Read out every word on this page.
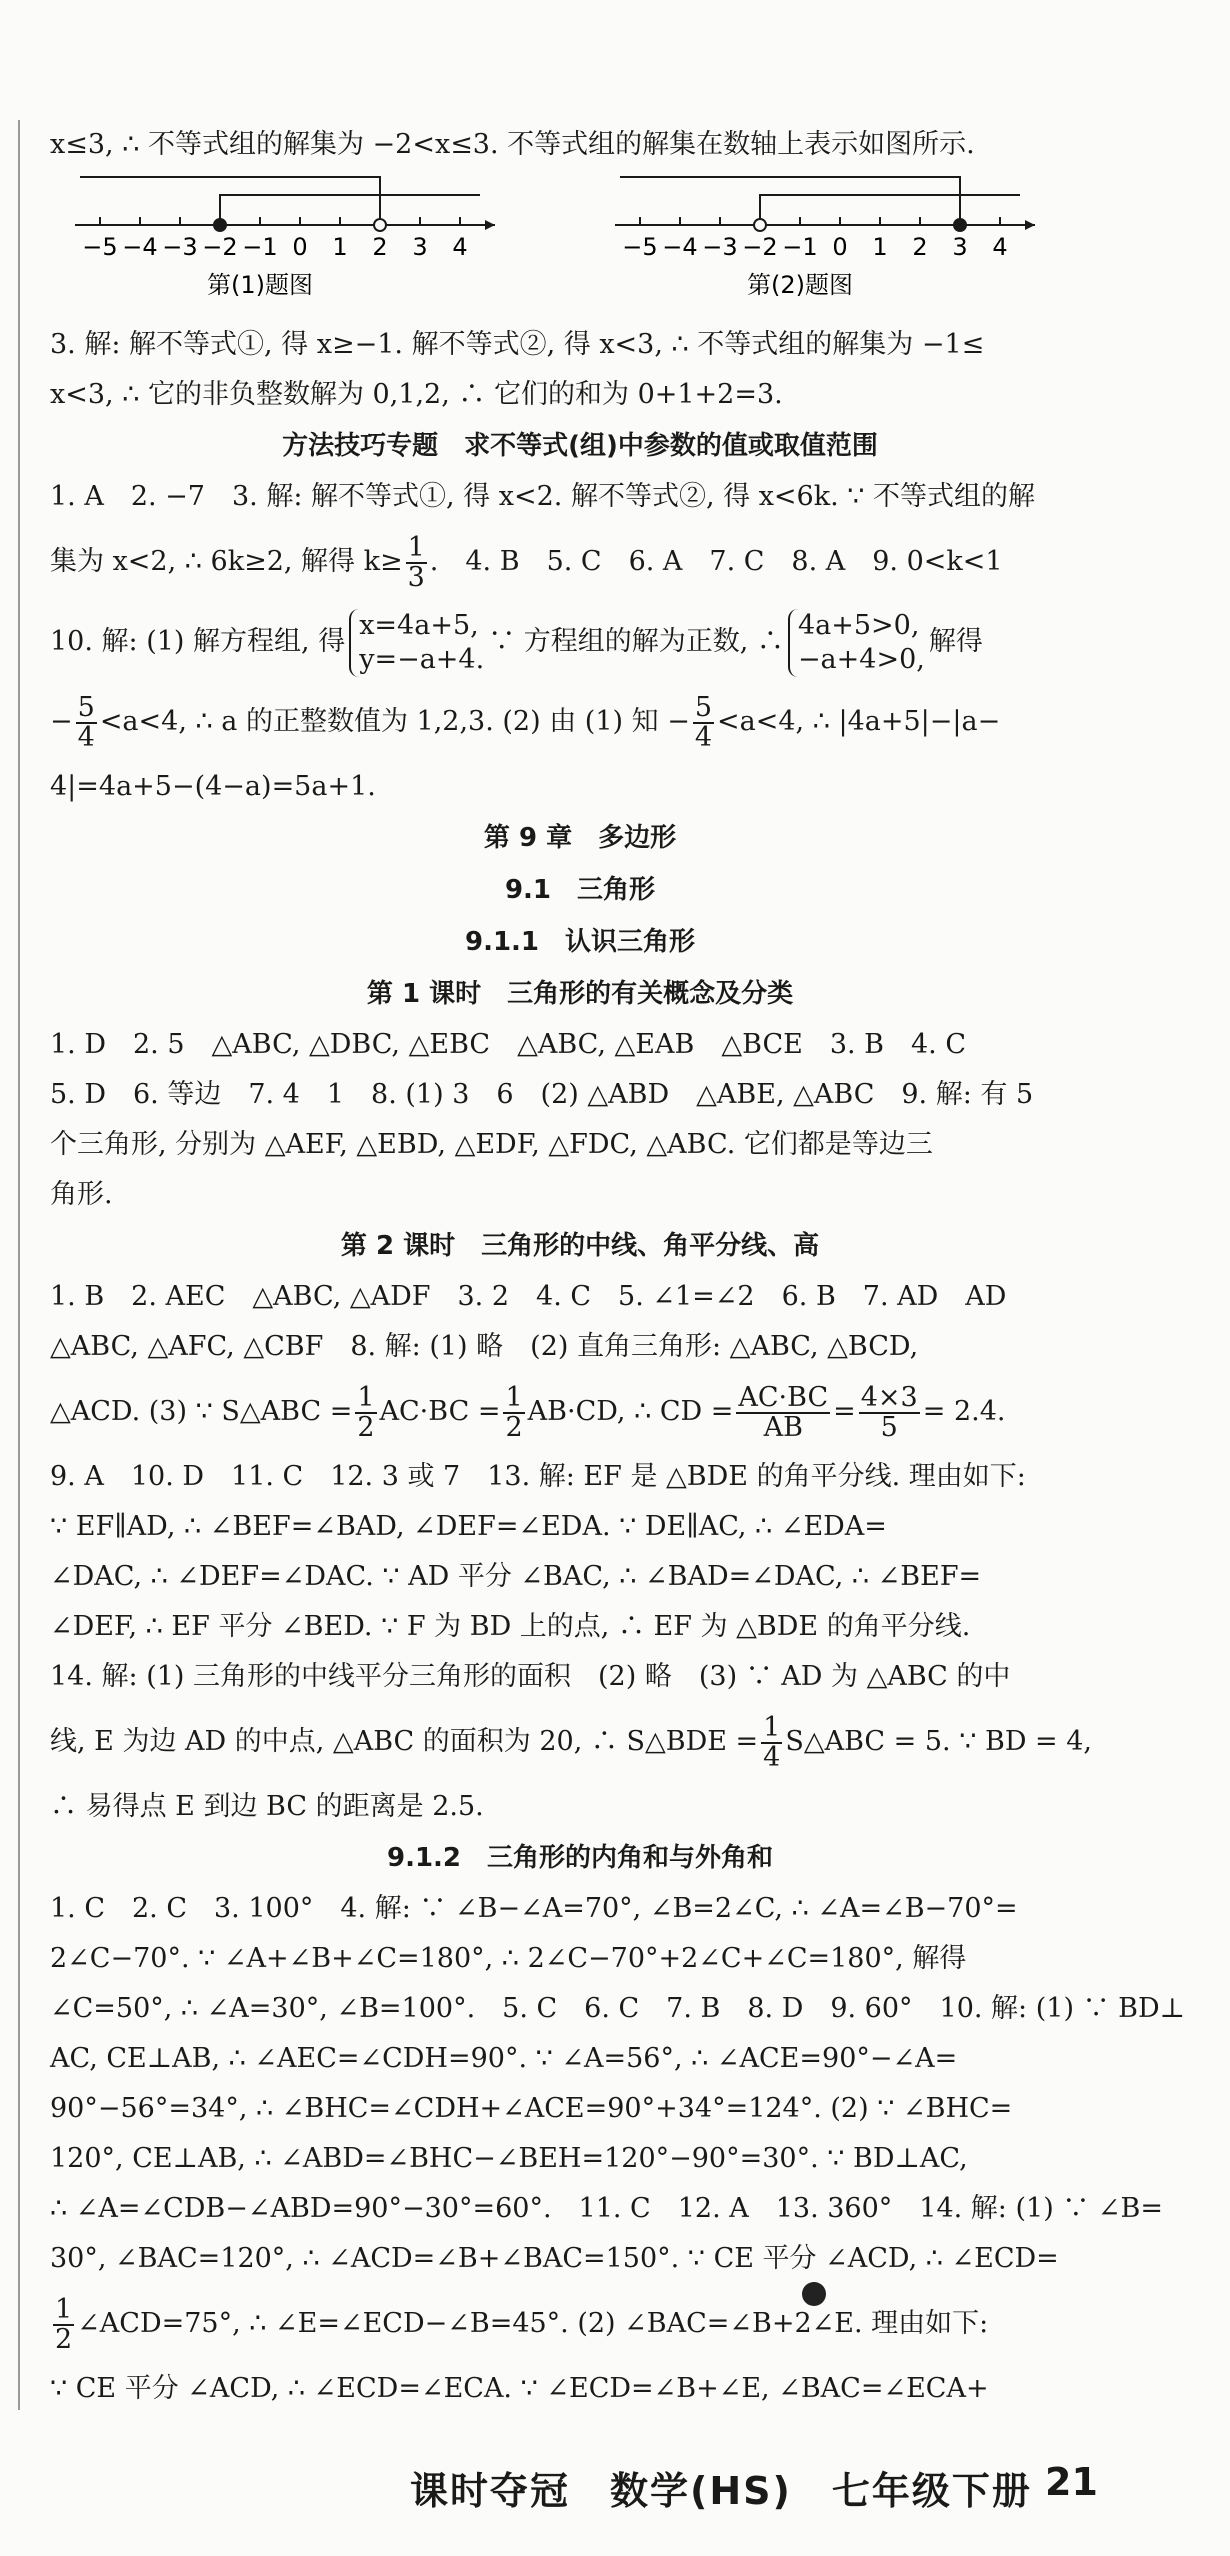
x≤3, ∴ 不等式组的解集为 −2<x≤3. 不等式组的解集在数轴上表示如图所示.
−5 −4 −3 −2 −1 0 1 2 3 4
第(1)题图
−5 −4 −3 −2 −1 0 1 2 3 4
第(2)题图
3. 解: 解不等式①, 得 x≥−1. 解不等式②, 得 x<3, ∴ 不等式组的解集为 −1≤
x<3, ∴ 它的非负整数解为 0,1,2, ∴ 它们的和为 0+1+2=3.
方法技巧专题　求不等式(组)中参数的值或取值范围
1. A　2. −7　3. 解: 解不等式①, 得 x<2. 解不等式②, 得 x<6k. ∵ 不等式组的解
集为 x<2, ∴ 6k≥2, 解得 $k\ge \frac{1}{3}$ .　4. B　5. C　6. A　7. C　8. A　9. 0<k<1
10. 解: (1) 解方程组, 得
x=4a+5,
y=−a+4.
∵ 方程组的解为正数, ∴
4a+5>0,
−a+4>0,
解得
− $\frac{5}{4} <a<4$, ∴ a 的正整数值为 1,2,3. (2) 由 (1) 知 − $\frac{5}{4} <a<4$, ∴ |4a+5|−|a−
4|=4a+5−(4−a)=5a+1.
第 9 章　多边形
9.1　三角形
9.1.1　认识三角形
第 1 课时　三角形的有关概念及分类
1. D　2. 5　△ABC, △DBC, △EBC　△ABC, △EAB　△BCE　3. B　4. C
5. D　6. 等边　7. 4　1　8. (1) 3　6　(2) △ABD　△ABE, △ABC　9. 解: 有 5
个三角形, 分别为 △AEF, △EBD, △EDF, △FDC, △ABC. 它们都是等边三
角形.
第 2 课时　三角形的中线、角平分线、高
1. B　2. AEC　△ABC, △ADF　3. 2　4. C　5. ∠1=∠2　6. B　7. AD　AD
△ABC, △AFC, △CBF　8. 解: (1) 略　(2) 直角三角形: △ABC, △BCD,
△ACD. (3) ∵ S△ABC = $\frac{1}{2} AC\cdot BC = \frac{1}{2} AB\cdot CD$, ∴ CD = $\frac{AC\cdot BC}{AB} = \frac{4\times 3}{5} = 2.4$.
9. A　10. D　11. C　12. 3 或 7　13. 解: EF 是 △BDE 的角平分线. 理由如下:
∵ EF∥AD, ∴ ∠BEF=∠BAD, ∠DEF=∠EDA. ∵ DE∥AC, ∴ ∠EDA=
∠DAC, ∴ ∠DEF=∠DAC. ∵ AD 平分 ∠BAC, ∴ ∠BAD=∠DAC, ∴ ∠BEF=
∠DEF, ∴ EF 平分 ∠BED. ∵ F 为 BD 上的点, ∴ EF 为 △BDE 的角平分线.
14. 解: (1) 三角形的中线平分三角形的面积　(2) 略　(3) ∵ AD 为 △ABC 的中
线, E 为边 AD 的中点, △ABC 的面积为 20, ∴ S△BDE = $\frac{1}{4}$ S△ABC = 5. ∵ BD = 4,
∴ 易得点 E 到边 BC 的距离是 2.5.
9.1.2　三角形的内角和与外角和
1. C　2. C　3. 100°　4. 解: ∵ ∠B−∠A=70°, ∠B=2∠C, ∴ ∠A=∠B−70°=
2∠C−70°. ∵ ∠A+∠B+∠C=180°, ∴ 2∠C−70°+2∠C+∠C=180°, 解得
∠C=50°, ∴ ∠A=30°, ∠B=100°.　5. C　6. C　7. B　8. D　9. 60°　10. 解: (1) ∵ BD⊥
AC, CE⊥AB, ∴ ∠AEC=∠CDH=90°. ∵ ∠A=56°, ∴ ∠ACE=90°−∠A=
90°−56°=34°, ∴ ∠BHC=∠CDH+∠ACE=90°+34°=124°. (2) ∵ ∠BHC=
120°, CE⊥AB, ∴ ∠ABD=∠BHC−∠BEH=120°−90°=30°. ∵ BD⊥AC,
∴ ∠A=∠CDB−∠ABD=90°−30°=60°.　11. C　12. A　13. 360°　14. 解: (1) ∵ ∠B=
30°, ∠BAC=120°, ∴ ∠ACD=∠B+∠BAC=150°. ∵ CE 平分 ∠ACD, ∴ ∠ECD=
$\frac{1}{2}$ ∠ACD=75°, ∴ ∠E=∠ECD−∠B=45°. (2) ∠BAC=∠B+2∠E. 理由如下:
∵ CE 平分 ∠ACD, ∴ ∠ECD=∠ECA. ∵ ∠ECD=∠B+∠E, ∠BAC=∠ECA+
课时夺冠　数学(HS)　七年级下册 21
